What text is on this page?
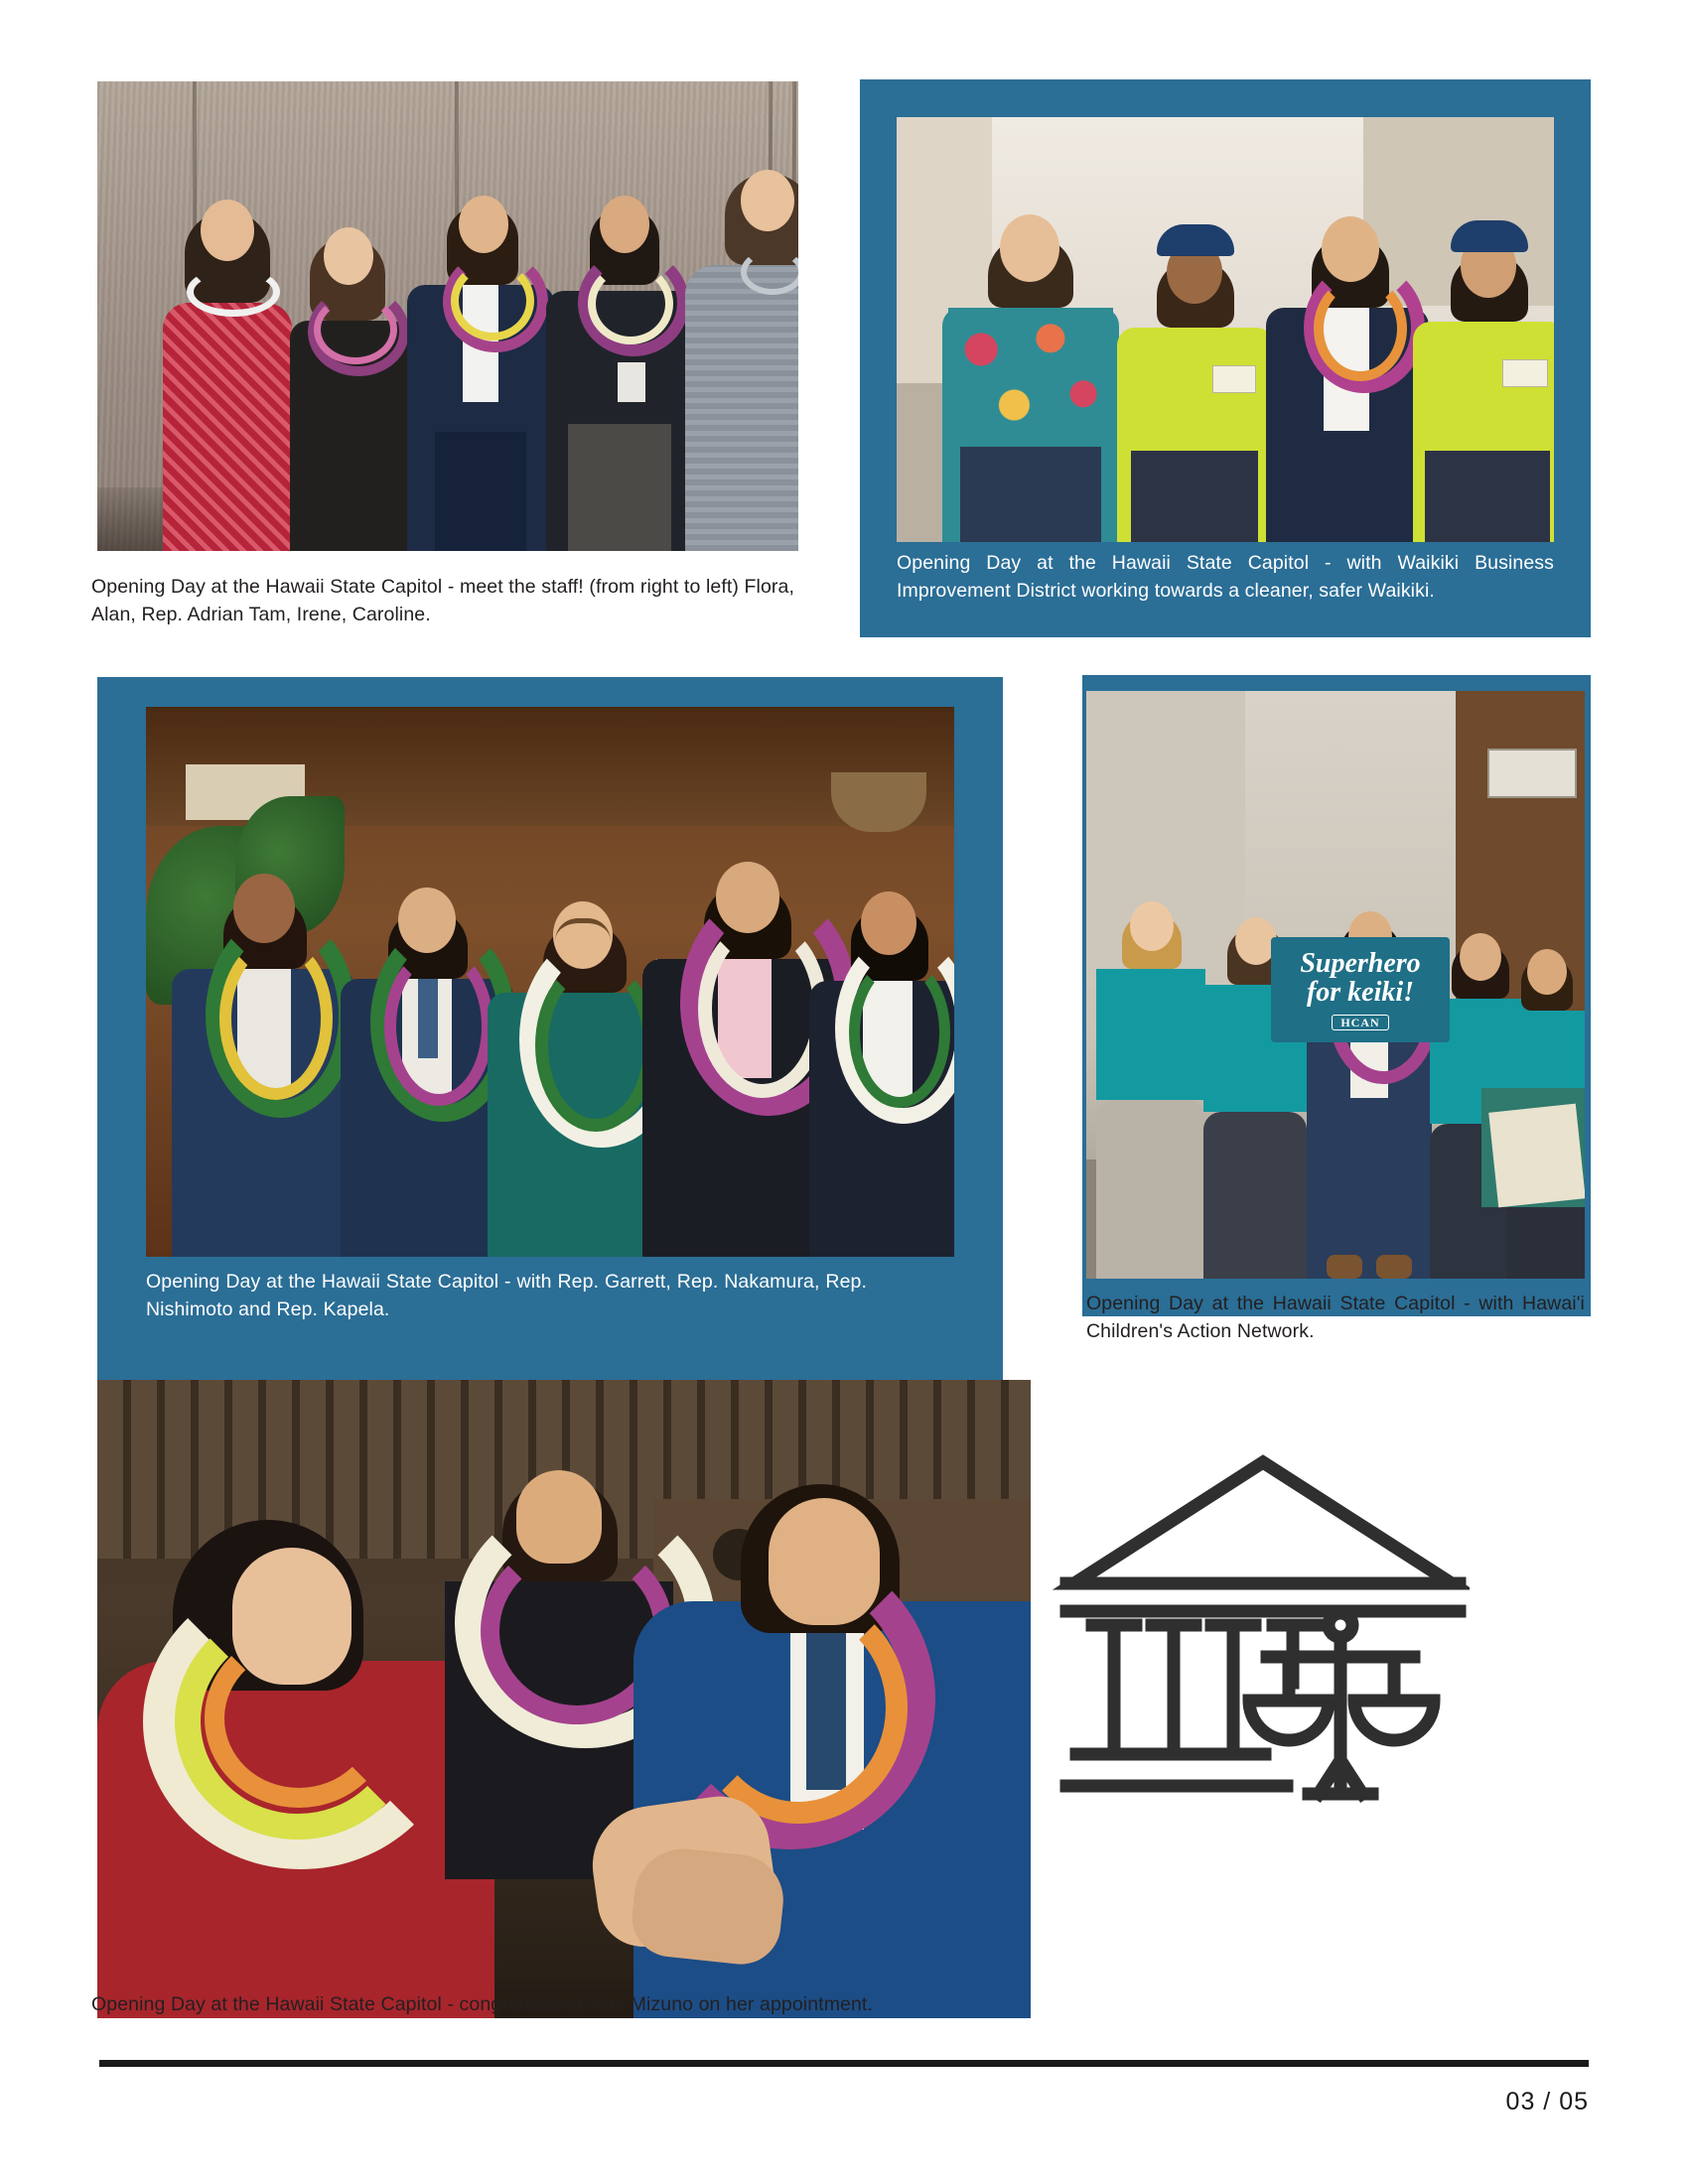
Opening Day at the Hawaii State Capitol - meet the staff! (from right to left) Flora, Alan, Rep. Adrian Tam, Irene, Caroline.
Opening Day at the Hawaii State Capitol - with Waikiki Business Improvement District working towards a cleaner, safer Waikiki.
Opening Day at the Hawaii State Capitol - with Rep. Garrett, Rep. Nakamura, Rep. Nishimoto and Rep. Kapela.
Superhero
for keiki!
HCAN
Opening Day at the Hawaii State Capitol - with Hawai'i Children's Action Network.
Opening Day at the Hawaii State Capitol - congratulating May Mizuno on her appointment.
03 / 05
